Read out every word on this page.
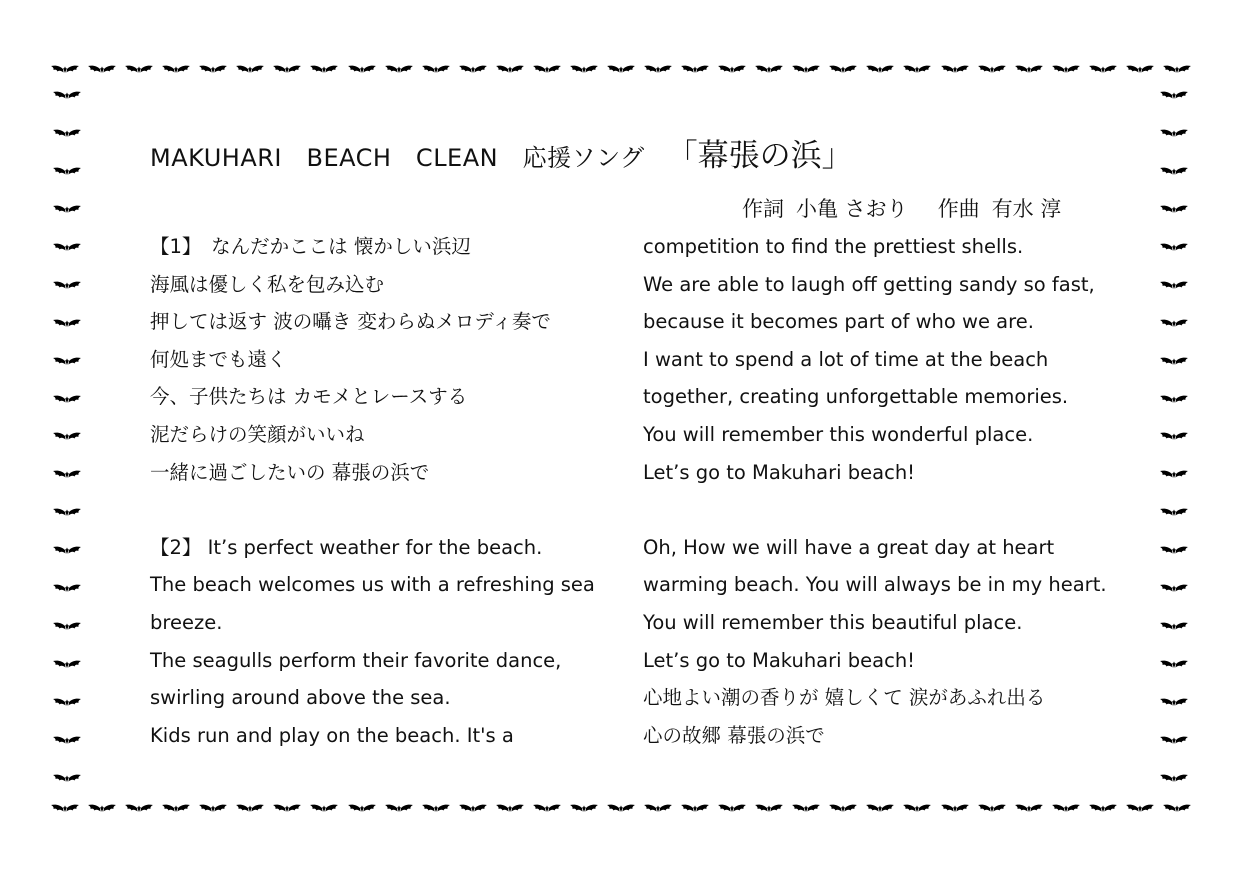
MAKUHARI　BEACH　CLEAN　応援ソング 「幕張の浜」
作詞 小亀 さおり 作曲 有水 淳
【1】　なんだかここは 懐かしい浜辺
海風は優しく私を包み込む
押しては返す 波の囁き 変わらぬメロディ奏で
何処までも遠く
今、子供たちは カモメとレースする
泥だらけの笑顔がいいね
一緒に過ごしたいの 幕張の浜で
【2】 It’s perfect weather for the beach.
The beach welcomes us with a refreshing sea
breeze.
The seagulls perform their favorite dance,
swirling around above the sea.
Kids run and play on the beach. It's a
competition to find the prettiest shells.
We are able to laugh off getting sandy so fast,
because it becomes part of who we are.
I want to spend a lot of time at the beach
together, creating unforgettable memories.
You will remember this wonderful place.
Let’s go to Makuhari beach!
Oh, How we will have a great day at heart
warming beach. You will always be in my heart.
You will remember this beautiful place.
Let’s go to Makuhari beach!
心地よい潮の香りが 嬉しくて 涙があふれ出る
心の故郷 幕張の浜で
